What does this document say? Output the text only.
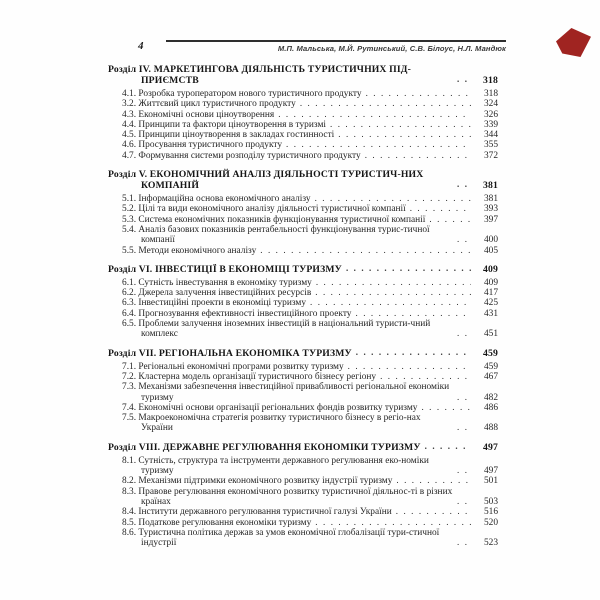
4	М.П. Мальська, М.Й. Рутинський, С.В. Білоус, Н.Л. Мандюк
Розділ IV. МАРКЕТИНГОВА ДІЯЛЬНІСТЬ ТУРИСТИЧНИХ ПІД-ПРИЄМСТВ . . .	318
4.1. Розробка туроператором нового туристичного продукту . . .	318
3.2. Життєвий цикл туристичного продукту . . .	324
4.3. Економічні основи ціноутворення . . .	326
4.4. Принципи та фактори ціноутворення в туризмі . . .	339
4.5. Принципи ціноутворення в закладах гостинності . . .	344
4.6. Просування туристичного продукту . . .	355
4.7. Формування системи розподілу туристичного продукту . . .	372
Розділ V. ЕКОНОМІЧНИЙ АНАЛІЗ ДІЯЛЬНОСТІ ТУРИСТИЧ-НИХ КОМПАНІЙ . . .	381
5.1. Інформаційна основа економічного аналізу . . .	381
5.2. Цілі та види економічного аналізу діяльності туристичної компанії . . .	393
5.3. Система економічних показників функціонування туристичної компанії . . .	397
5.4. Аналіз базових показників рентабельності функціонування турис-тичної компанії . . .	400
5.5. Методи економічного аналізу . . .	405
Розділ VI. ІНВЕСТИЦІЇ В ЕКОНОМІЦІ ТУРИЗМУ . . .	409
6.1. Сутність інвестування в економіку туризму . . .	409
6.2. Джерела залучення інвестиційних ресурсів . . .	417
6.3. Інвестиційні проекти в економіці туризму . . .	425
6.4. Прогнозування ефективності інвестиційного проекту . . .	431
6.5. Проблеми залучення іноземних інвестицій в національний туристи-чний комплекс . . .	451
Розділ VII. РЕГІОНАЛЬНА ЕКОНОМІКА ТУРИЗМУ . . .	459
7.1. Регіональні економічні програми розвитку туризму . . .	459
7.2. Кластерна модель організації туристичного бізнесу регіону . . .	467
7.3. Механізми забезпечення інвестиційної привабливості регіональної економіки туризму . . .	482
7.4. Економічні основи організації регіональних фондів розвитку туризму . . .	486
7.5. Макроекономічна стратегія розвитку туристичного бізнесу в регіо-нах України . . .	488
Розділ VIII. ДЕРЖАВНЕ РЕГУЛЮВАННЯ ЕКОНОМІКИ ТУРИЗМУ . . .	497
8.1. Сутність, структура та інструменти державного регулювання еко-номіки туризму . . .	497
8.2. Механізми підтримки економічного розвитку індустрії туризму . . .	501
8.3. Правове регулювання економічного розвитку туристичної діяльнос-ті в різних країнах . . .	503
8.4. Інститути державного регулювання туристичної галузі України . . .	516
8.5. Податкове регулювання економіки туризму . . .	520
8.6. Туристична політика держав за умов економічної глобалізації тури-стичної індустрії . . .	523
